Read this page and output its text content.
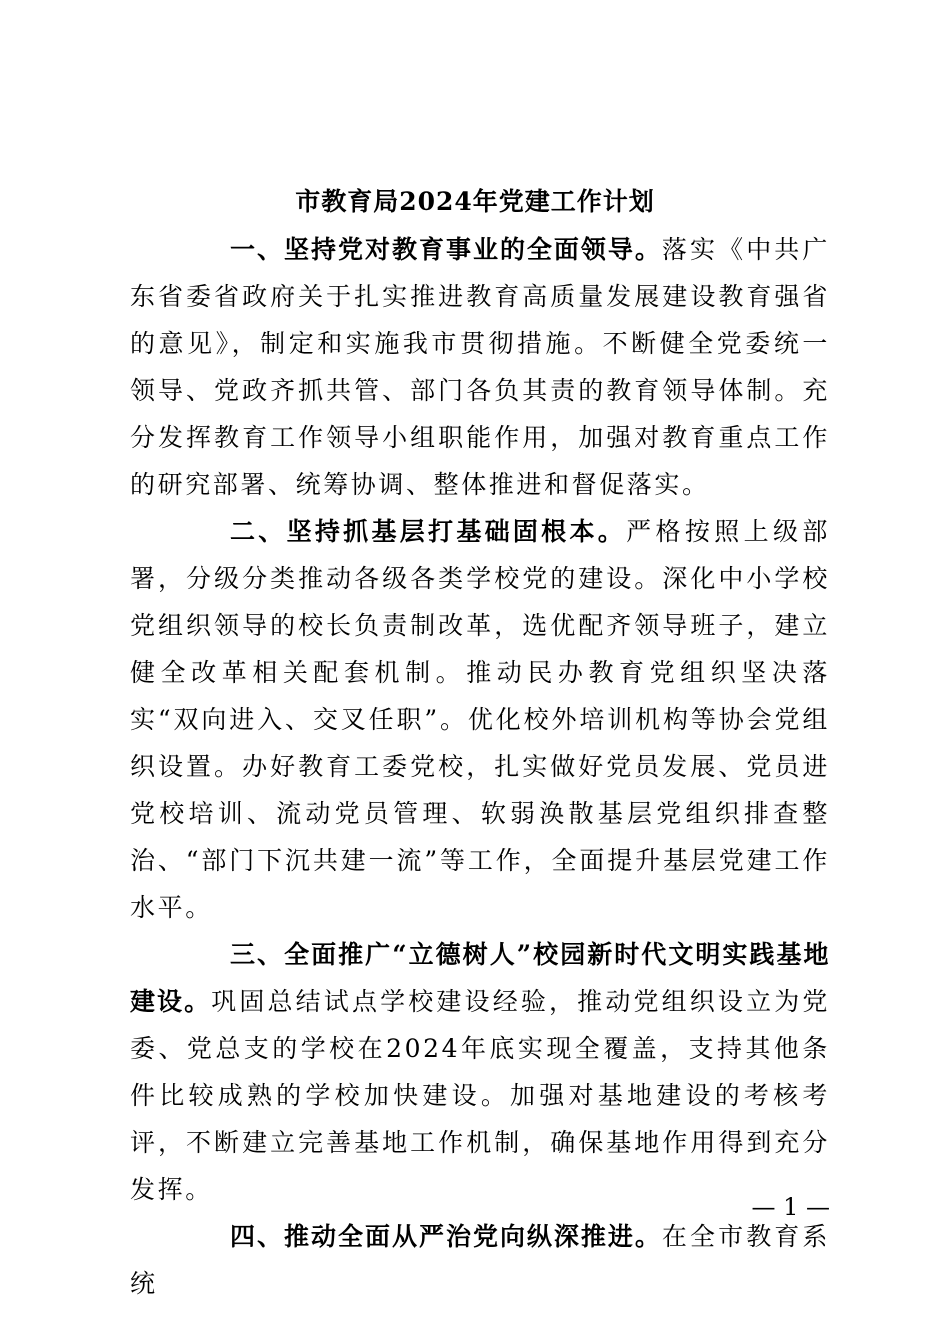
市教育局2024年党建工作计划

一、坚持党对教育事业的全面领导。落实《中共广东省委省政府关于扎实推进教育高质量发展建设教育强省的意见》，制定和实施我市贯彻措施。不断健全党委统一领导、党政齐抓共管、部门各负其责的教育领导体制。充分发挥教育工作领导小组职能作用，加强对教育重点工作的研究部署、统筹协调、整体推进和督促落实。

二、坚持抓基层打基础固根本。严格按照上级部署，分级分类推动各级各类学校党的建设。深化中小学校党组织领导的校长负责制改革，选优配齐领导班子，建立健全改革相关配套机制。推动民办教育党组织坚决落实“双向进入、交叉任职”。优化校外培训机构等协会党组织设置。办好教育工委党校，扎实做好党员发展、党员进党校培训、流动党员管理、软弱涣散基层党组织排查整治、“部门下沉共建一流”等工作，全面提升基层党建工作水平。

三、全面推广“立德树人”校园新时代文明实践基地建设。巩固总结试点学校建设经验，推动党组织设立为党委、党总支的学校在2024年底实现全覆盖，支持其他条件比较成熟的学校加快建设。加强对基地建设的考核考评，不断建立完善基地工作机制，确保基地作用得到充分发挥。

四、推动全面从严治党向纵深推进。在全市教育系统

— 1 —
